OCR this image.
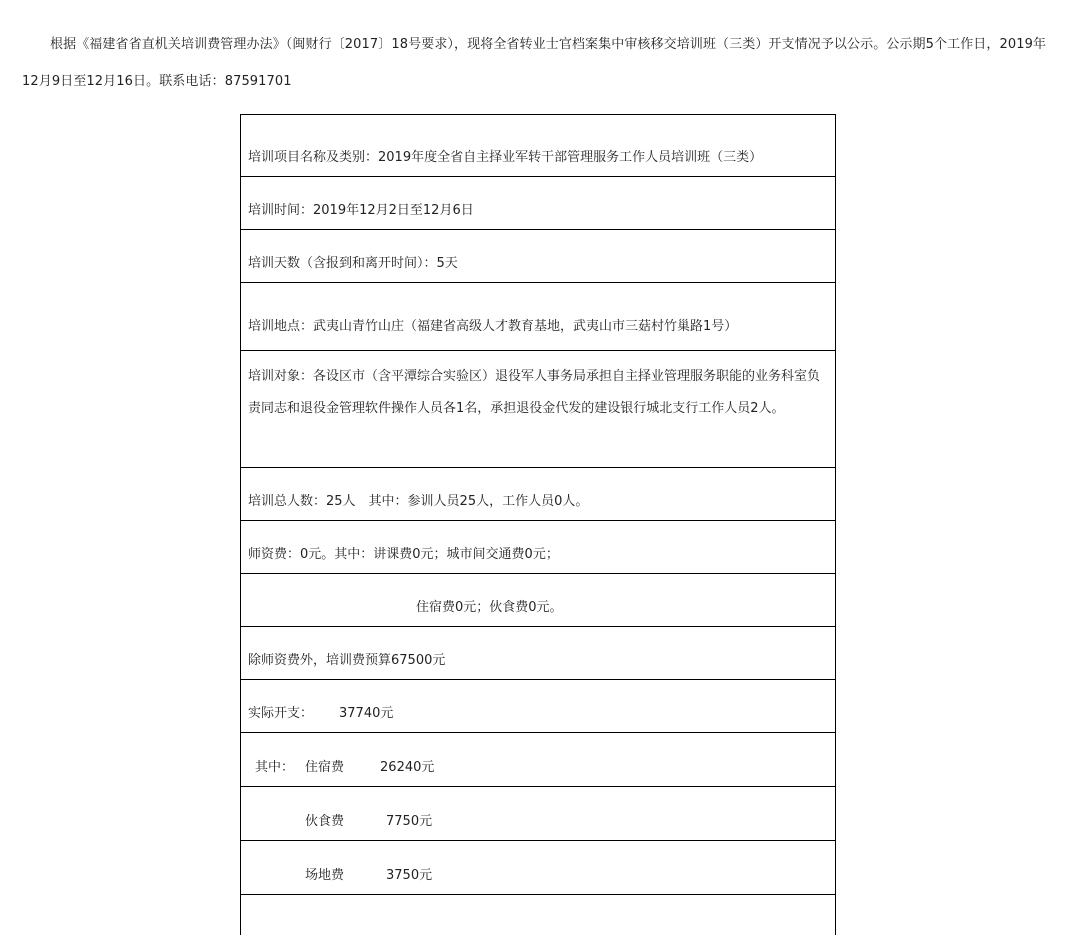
根据《福建省省直机关培训费管理办法》（闽财行〔2017〕18号要求），现将全省转业士官档案集中审核移交培训班（三类）开支情况予以公示。公示期5个工作日，2019年12月9日至12月16日。联系电话：87591701

培训项目名称及类别：2019年度全省自主择业军转干部管理服务工作人员培训班（三类）
培训时间：2019年12月2日至12月6日
培训天数（含报到和离开时间）：5天
培训地点：武夷山青竹山庄（福建省高级人才教育基地，武夷山市三菇村竹巢路1号）
培训对象：各设区市（含平潭综合实验区）退役军人事务局承担自主择业管理服务职能的业务科室负责同志和退役金管理软件操作人员各1名，承担退役金代发的建设银行城北支行工作人员2人。
培训总人数：25人　其中：参训人员25人，工作人员0人。
师资费：0元。其中：讲课费0元；城市间交通费0元；
住宿费0元；伙食费0元。
除师资费外，培训费预算67500元
实际开支： 37740元
其中： 住宿费	26240元
伙食费	7750元
场地费	3750元
